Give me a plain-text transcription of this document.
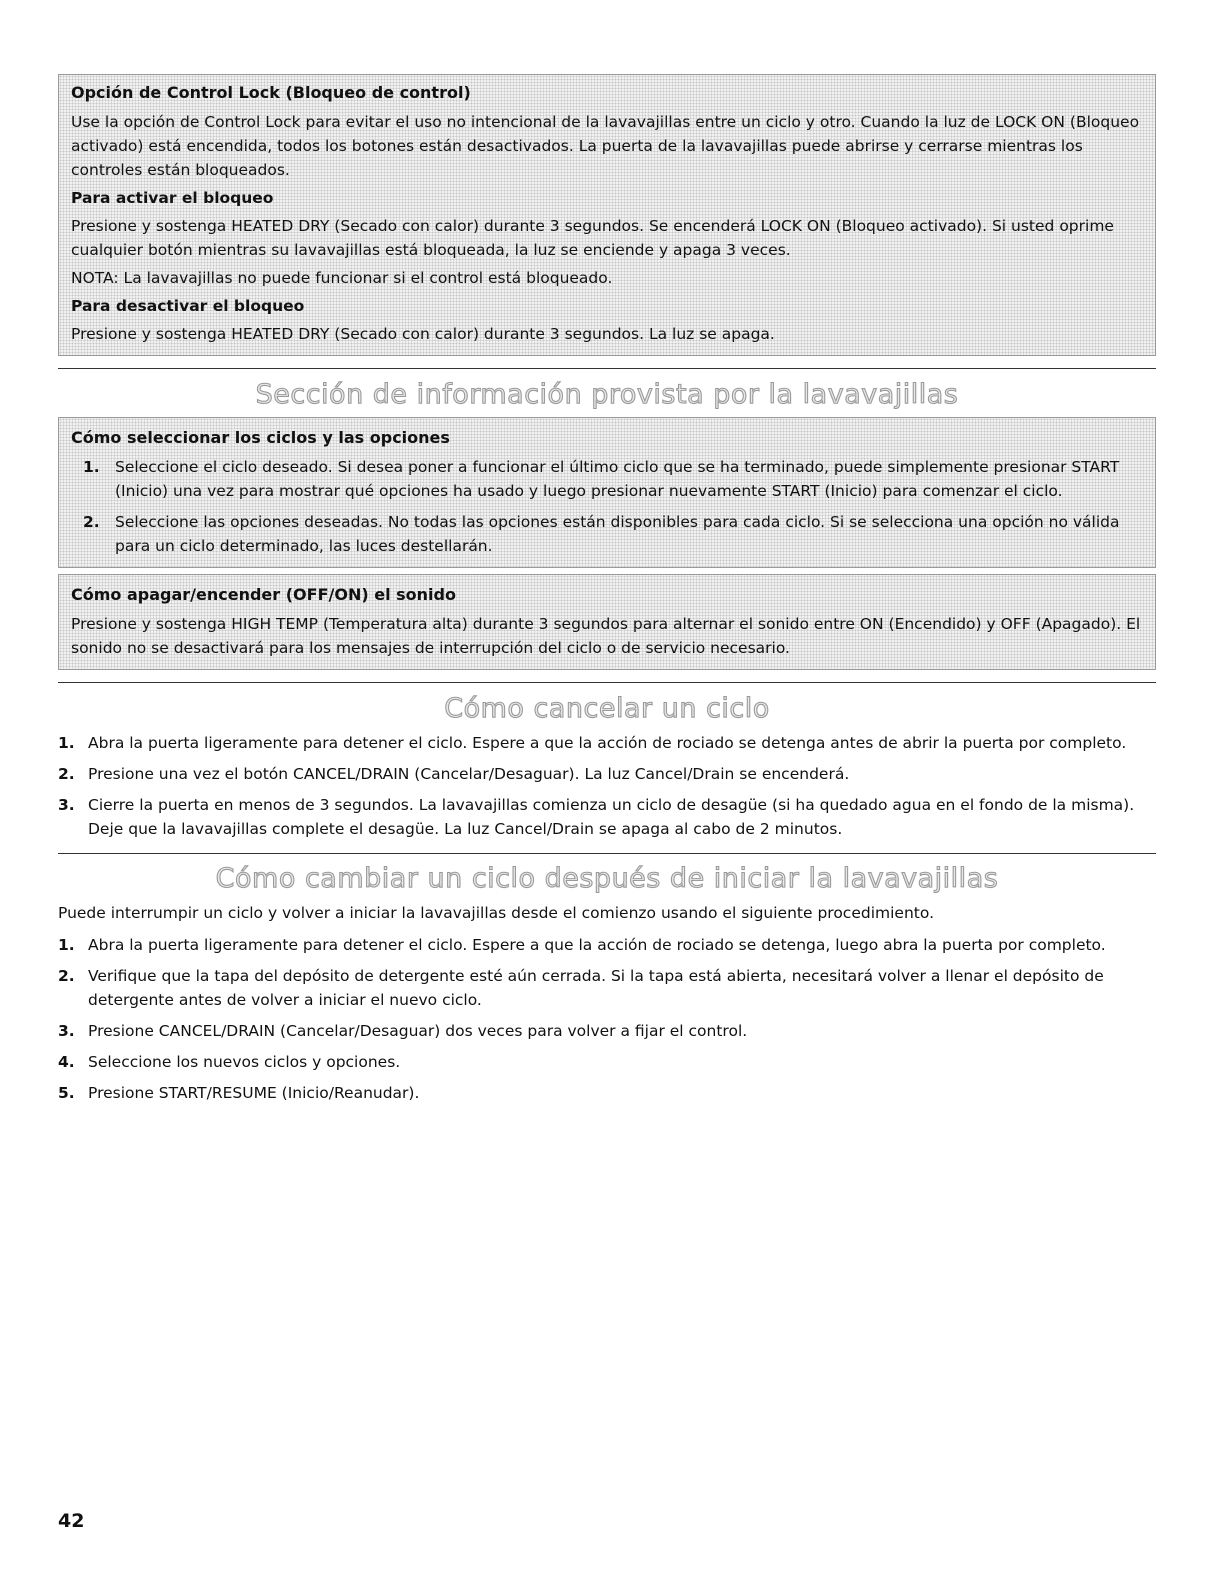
Opción de Control Lock (Bloqueo de control)

Use la opción de Control Lock para evitar el uso no intencional de la lavavajillas entre un ciclo y otro. Cuando la luz de LOCK ON (Bloqueo activado) está encendida, todos los botones están desactivados. La puerta de la lavavajillas puede abrirse y cerrarse mientras los controles están bloqueados.

Para activar el bloqueo

Presione y sostenga HEATED DRY (Secado con calor) durante 3 segundos. Se encenderá LOCK ON (Bloqueo activado). Si usted oprime cualquier botón mientras su lavavajillas está bloqueada, la luz se enciende y apaga 3 veces.

NOTA: La lavavajillas no puede funcionar si el control está bloqueado.

Para desactivar el bloqueo

Presione y sostenga HEATED DRY (Secado con calor) durante 3 segundos. La luz se apaga.

Sección de información provista por la lavavajillas
Cómo seleccionar los ciclos y las opciones
1. Seleccione el ciclo deseado. Si desea poner a funcionar el último ciclo que se ha terminado, puede simplemente presionar START (Inicio) una vez para mostrar qué opciones ha usado y luego presionar nuevamente START (Inicio) para comenzar el ciclo.
2. Seleccione las opciones deseadas. No todas las opciones están disponibles para cada ciclo. Si se selecciona una opción no válida para un ciclo determinado, las luces destellarán.
Cómo apagar/encender (OFF/ON) el sonido

Presione y sostenga HIGH TEMP (Temperatura alta) durante 3 segundos para alternar el sonido entre ON (Encendido) y OFF (Apagado). El sonido no se desactivará para los mensajes de interrupción del ciclo o de servicio necesario.

Cómo cancelar un ciclo
1. Abra la puerta ligeramente para detener el ciclo. Espere a que la acción de rociado se detenga antes de abrir la puerta por completo.
2. Presione una vez el botón CANCEL/DRAIN (Cancelar/Desaguar). La luz Cancel/Drain se encenderá.
3. Cierre la puerta en menos de 3 segundos. La lavavajillas comienza un ciclo de desagüe (si ha quedado agua en el fondo de la misma). Deje que la lavavajillas complete el desagüe. La luz Cancel/Drain se apaga al cabo de 2 minutos.
Cómo cambiar un ciclo después de iniciar la lavavajillas

Puede interrumpir un ciclo y volver a iniciar la lavavajillas desde el comienzo usando el siguiente procedimiento.

1. Abra la puerta ligeramente para detener el ciclo. Espere a que la acción de rociado se detenga, luego abra la puerta por completo.
2. Verifique que la tapa del depósito de detergente esté aún cerrada. Si la tapa está abierta, necesitará volver a llenar el depósito de detergente antes de volver a iniciar el nuevo ciclo.
3. Presione CANCEL/DRAIN (Cancelar/Desaguar) dos veces para volver a fijar el control.
4. Seleccione los nuevos ciclos y opciones.
5. Presione START/RESUME (Inicio/Reanudar).
42
